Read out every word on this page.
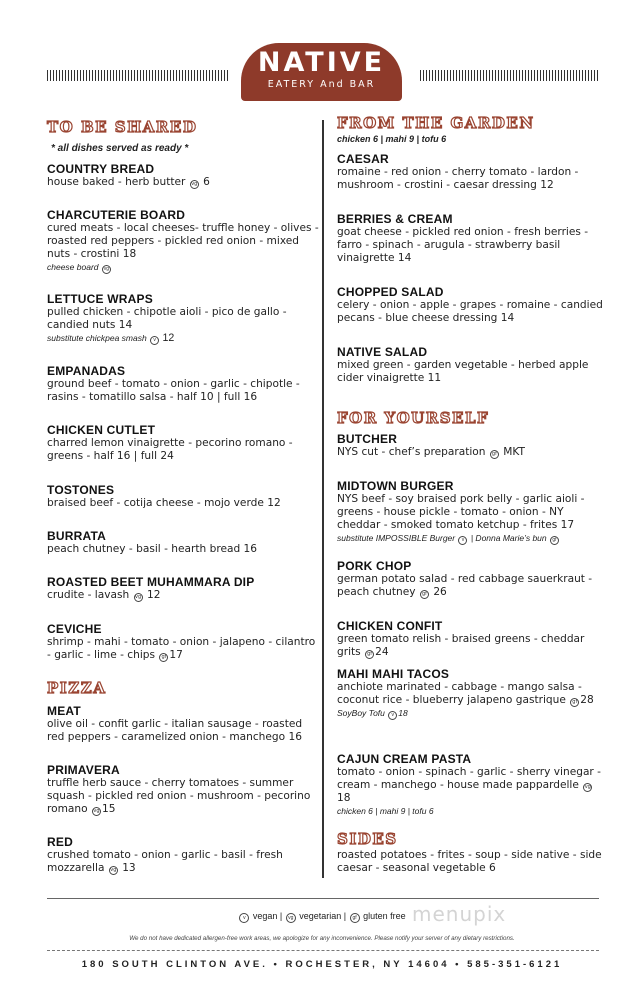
NATIVE
EATERY And BAR
TO BE SHARED
* all dishes served as ready *
COUNTRY BREAD
house baked - herb butter vg 6
CHARCUTERIE BOARD
cured meats - local cheeses- truffle honey - olives - roasted red peppers - pickled red onion - mixed nuts - crostini 18
cheese board vg
LETTUCE WRAPS
pulled chicken - chipotle aioli - pico de gallo - candied nuts 14
substitute chickpea smash v 12
EMPANADAS
ground beef - tomato - onion - garlic - chipotle - rasins - tomatillo salsa - half 10 | full 16
CHICKEN CUTLET
charred lemon vinaigrette - pecorino romano - greens - half 16 | full 24
TOSTONES
braised beef - cotija cheese - mojo verde 12
BURRATA
peach chutney - basil - hearth bread 16
ROASTED BEET MUHAMMARA DIP
crudite - lavash vg 12
CEVICHE
shrimp - mahi - tomato - onion - jalapeno - cilantro - garlic - lime - chips gf 17
PIZZA
MEAT
olive oil - confit garlic - italian sausage - roasted red peppers - caramelized onion - manchego 16
PRIMAVERA
truffle herb sauce - cherry tomatoes - summer squash - pickled red onion - mushroom - pecorino romano vg 15
RED
crushed tomato - onion - garlic - basil - fresh mozzarella vg 13
FROM THE GARDEN
chicken 6 | mahi 9 | tofu 6
CAESAR
romaine - red onion - cherry tomato - lardon - mushroom - crostini - caesar dressing 12
BERRIES & CREAM
goat cheese - pickled red onion - fresh berries - farro - spinach - arugula - strawberry basil vinaigrette 14
CHOPPED SALAD
celery - onion - apple - grapes - romaine - candied pecans - blue cheese dressing 14
NATIVE SALAD
mixed green - garden vegetable - herbed apple cider vinaigrette 11
FOR YOURSELF
BUTCHER
NYS cut - chef’s preparation gf MKT
MIDTOWN BURGER
NYS beef - soy braised pork belly - garlic aioli - greens - house pickle - tomato - onion - NY cheddar - smoked tomato ketchup - frites 17
substitute IMPOSSIBLE Burger v | Donna Marie’s bun gf
PORK CHOP
german potato salad - red cabbage sauerkraut - peach chutney gf 26
CHICKEN CONFIT
green tomato relish - braised greens - cheddar grits gf 24
MAHI MAHI TACOS
anchiote marinated - cabbage - mango salsa - coconut rice - blueberry jalapeno gastrique gf 28
SoyBoy Tofu v 18
CAJUN CREAM PASTA
tomato - onion - spinach - garlic - sherry vinegar - cream - manchego - house made pappardelle vg 18
chicken 6 | mahi 9 | tofu 6
SIDES
roasted potatoes - frites - soup - side native - side caesar - seasonal vegetable 6
menupix
v vegan | vg vegetarian | gf gluten free
We do not have dedicated allergen-free work areas, we apologize for any inconvenience. Please notify your server of any dietary restrictions.
180 SOUTH CLINTON AVE. • ROCHESTER, NY 14604 • 585-351-6121
